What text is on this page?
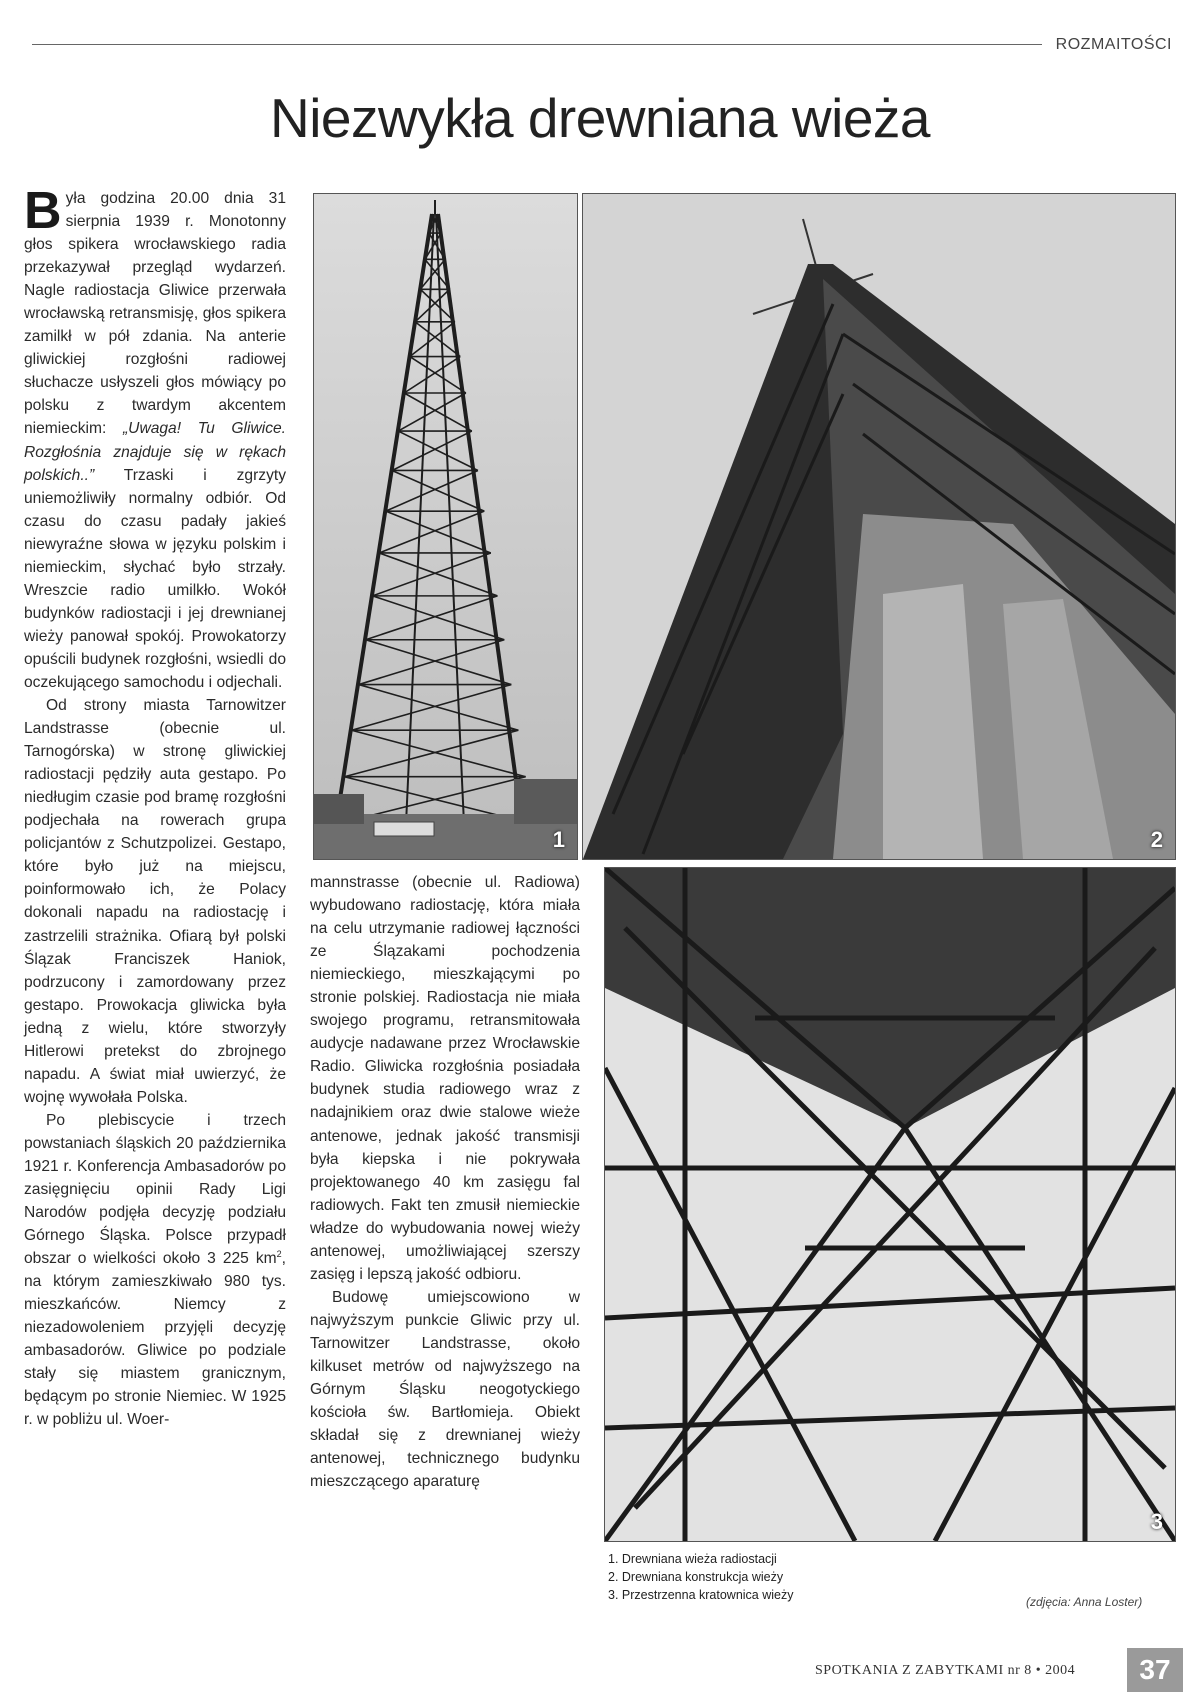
ROZMAITOŚCI
Niezwykła drewniana wieża

Była godzina 20.00 dnia 31 sierpnia 1939 r. Monotonny głos spikera wrocławskiego radia przekazywał przegląd wydarzeń. Nagle radiostacja Gliwice przerwała wrocławską retransmisję, głos spikera zamilkł w pół zdania. Na anterie gliwickiej rozgłośni radiowej słuchacze usłyszeli głos mówiący po polsku z twardym akcentem niemieckim: „Uwaga! Tu Gliwice. Rozgłośnia znajduje się w rękach polskich..” Trzaski i zgrzyty uniemożliwiły normalny odbiór. Od czasu do czasu padały jakieś niewyraźne słowa w języku polskim i niemieckim, słychać było strzały. Wreszcie radio umilkło. Wokół budynków radiostacji i jej drewnianej wieży panował spokój. Prowokatorzy opuścili budynek rozgłośni, wsiedli do oczekującego samochodu i odjechali.

Od strony miasta Tarnowitzer Landstrasse (obecnie ul. Tarnogórska) w stronę gliwickiej radiostacji pędziły auta gestapo. Po niedługim czasie pod bramę rozgłośni podjechała na rowerach grupa policjantów z Schutzpolizei. Gestapo, które było już na miejscu, poinformowało ich, że Polacy dokonali napadu na radiostację i zastrzelili strażnika. Ofiarą był polski Ślązak Franciszek Haniok, podrzucony i zamordowany przez gestapo. Prowokacja gliwicka była jedną z wielu, które stworzyły Hitlerowi pretekst do zbrojnego napadu. A świat miał uwierzyć, że wojnę wywołała Polska.

Po plebiscycie i trzech powstaniach śląskich 20 października 1921 r. Konferencja Ambasadorów po zasięgnięciu opinii Rady Ligi Narodów podjęła decyzję podziału Górnego Śląska. Polsce przypadł obszar o wielkości około 3 225 $km^2$, na którym zamieszkiwało 980 tys. mieszkańców. Niemcy z niezadowoleniem przyjęli decyzję ambasadorów. Gliwice po podziale stały się miastem granicznym, będącym po stronie Niemiec. W 1925 r. w pobliżu ul. Woer-

mannstrasse (obecnie ul. Radiowa) wybudowano radiostację, która miała na celu utrzymanie radiowej łączności ze Ślązakami pochodzenia niemieckiego, mieszkającymi po stronie polskiej. Radiostacja nie miała swojego programu, retransmitowała audycje nadawane przez Wrocławskie Radio. Gliwicka rozgłośnia posiadała budynek studia radiowego wraz z nadajnikiem oraz dwie stalowe wieże antenowe, jednak jakość transmisji była kiepska i nie pokrywała projektowanego 40 km zasięgu fal radiowych. Fakt ten zmusił niemieckie władze do wybudowania nowej wieży antenowej, umożliwiającej szerszy zasięg i lepszą jakość odbioru.

Budowę umiejscowiono w najwyższym punkcie Gliwic przy ul. Tarnowitzer Landstrasse, około kilkuset metrów od najwyższego na Górnym Śląsku neogotyckiego kościoła św. Bartłomieja. Obiekt składał się z drewnianej wieży antenowej, technicznego budynku mieszczącego aparaturę

1	2
3
1. Drewniana wieża radiostacji
2. Drewniana konstrukcja wieży
3. Przestrzenna kratownica wieży	(zdjęcia: Anna Loster)
SPOTKANIA Z ZABYTKAMI nr 8 • 2004	37
